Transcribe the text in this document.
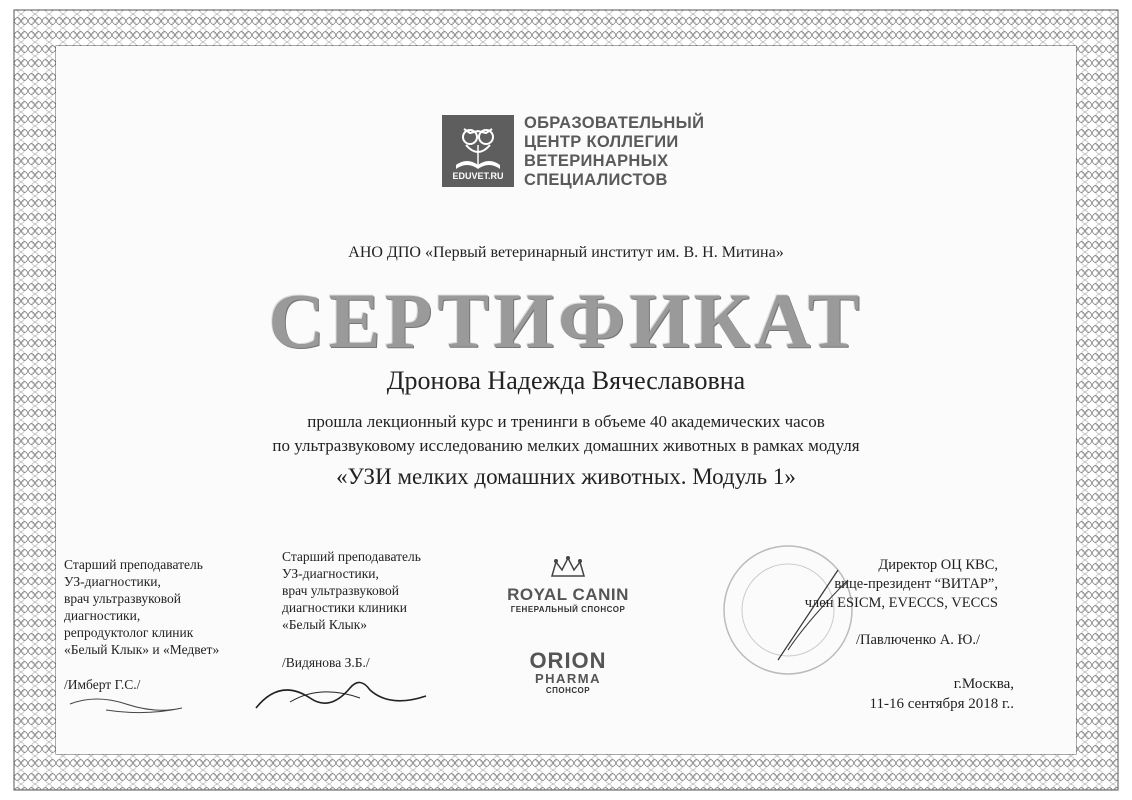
EDUVET.RU
ОБРАЗОВАТЕЛЬНЫЙ
ЦЕНТР КОЛЛЕГИИ
ВЕТЕРИНАРНЫХ
СПЕЦИАЛИСТОВ
АНО ДПО «Первый ветеринарный институт им. В. Н. Митина»
СЕРТИФИКАТ
Дронова Надежда Вячеславовна
прошла лекционный курс и тренинги в объеме 40 академических часов
по ультразвуковому исследованию мелких домашних животных в рамках модуля
«УЗИ мелких домашних животных. Модуль 1»
Старший преподаватель
УЗ-диагностики,
врач ультразвуковой
диагностики,
репродуктолог клиник
«Белый Клык» и «Медвет»
/Имберт Г.С./
Старший преподаватель
УЗ-диагностики,
врач ультразвуковой
диагностики клиники
«Белый Клык»
/Видянова З.Б./
ROYAL CANIN
ГЕНЕРАЛЬНЫЙ СПОНСОР
ORION
PHARMA
СПОНСОР
Директор ОЦ КВС,
вице-президент “ВИТАР”,
член ESICM, EVECCS, VECCS
/Павлюченко А. Ю./
г.Москва,
11-16 сентября 2018 г..
